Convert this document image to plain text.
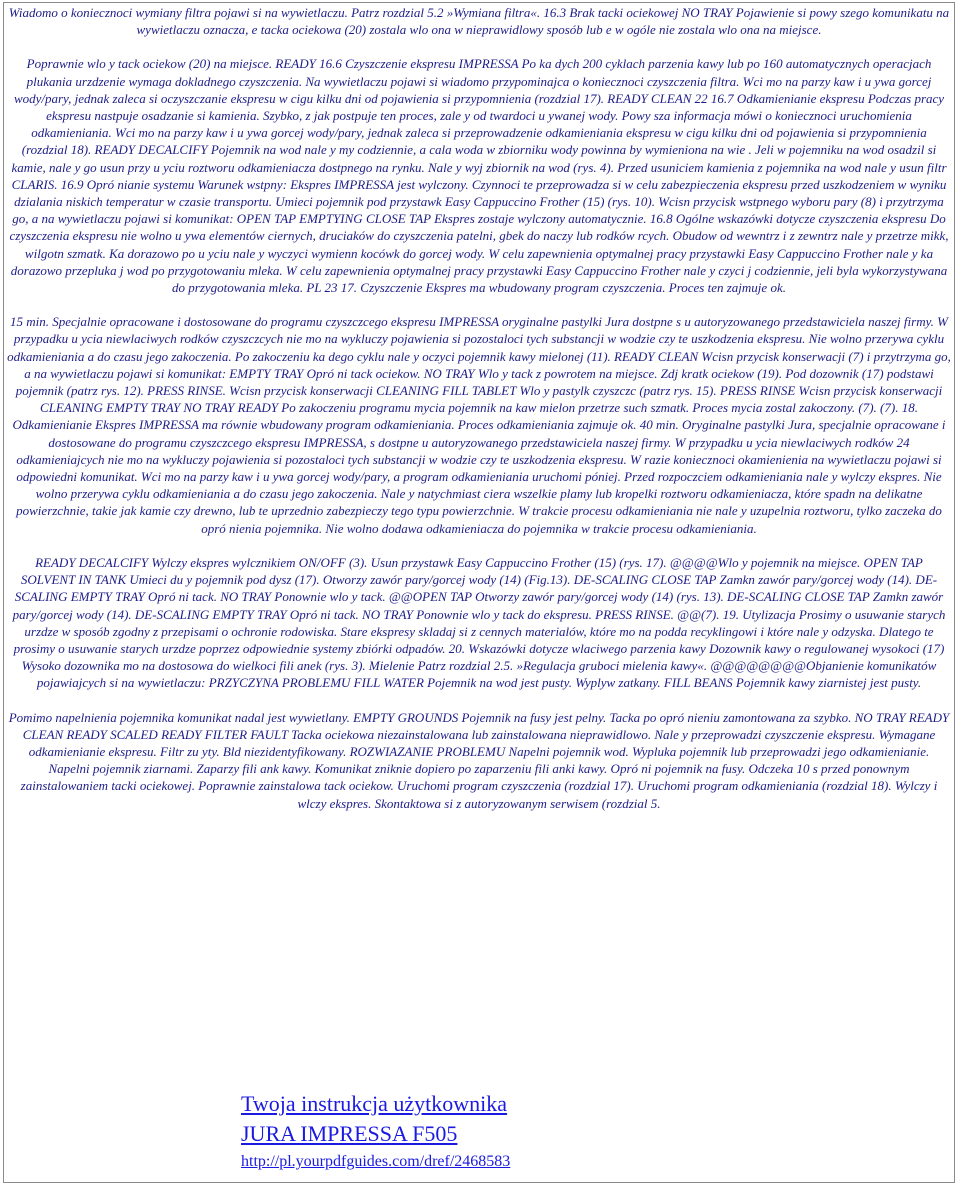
Wiadomo o koniecznoci wymiany filtra pojawi si na wywietlaczu. Patrz rozdzial 5.2 »Wymiana filtra«. 16.3 Brak tacki ociekowej NO TRAY Pojawienie si powy szego komunikatu na wywietlaczu oznacza, e tacka ociekowa (20) zostala wlo ona w nieprawidlowy sposób lub e w ogóle nie zostala wlo ona na miejsce.

Poprawnie wlo y tack ociekow (20) na miejsce. READY 16.6 Czyszczenie ekspresu IMPRESSA Po ka dych 200 cyklach parzenia kawy lub po 160 automatycznych operacjach plukania urzdzenie wymaga dokladnego czyszczenia. Na wywietlaczu pojawi si wiadomo przypominajca o koniecznoci czyszczenia filtra. Wci mo na parzy kaw i u ywa gorcej wody/pary, jednak zaleca si oczyszczanie ekspresu w cigu kilku dni od pojawienia si przypomnienia (rozdzial 17). READY CLEAN 22 16.7 Odkamienianie ekspresu Podczas pracy ekspresu nastpuje osadzanie si kamienia. Szybko, z jak postpuje ten proces, zale y od twardoci u ywanej wody. Powy sza informacja mówi o koniecznoci uruchomienia odkamieniania. Wci mo na parzy kaw i u ywa gorcej wody/pary, jednak zaleca si przeprowadzenie odkamieniania ekspresu w cigu kilku dni od pojawienia si przypomnienia (rozdzial 18). READY DECALCIFY Pojemnik na wod nale y my codziennie, a cala woda w zbiorniku wody powinna by wymieniona na wie . Jeli w pojemniku na wod osadzil si kamie, nale y go usun przy u yciu roztworu odkamieniacza dostpnego na rynku. Nale y wyj zbiornik na wod (rys. 4). Przed usuniciem kamienia z pojemnika na wod nale y usun filtr CLARIS. 16.9 Opró nianie systemu Warunek wstpny: Ekspres IMPRESSA jest wylczony. Czynnoci te przeprowadza si w celu zabezpieczenia ekspresu przed uszkodzeniem w wyniku dzialania niskich temperatur w czasie transportu. Umieci pojemnik pod przystawk Easy Cappuccino Frother (15) (rys. 10). Wcisn przycisk wstpnego wyboru pary (8) i przytrzyma go, a na wywietlaczu pojawi si komunikat: OPEN TAP EMPTYING CLOSE TAP Ekspres zostaje wylczony automatycznie. 16.8 Ogólne wskazówki dotycze czyszczenia ekspresu Do czyszczenia ekspresu nie wolno u ywa elementów ciernych, druciaków do czyszczenia patelni, gbek do naczy lub rodków rcych. Obudow od wewntrz i z zewntrz nale y przetrze mikk, wilgotn szmatk. Ka dorazowo po u yciu nale y wyczyci wymienn kocówk do gorcej wody. W celu zapewnienia optymalnej pracy przystawki Easy Cappuccino Frother nale y ka dorazowo przepluka j wod po przygotowaniu mleka. W celu zapewnienia optymalnej pracy przystawki Easy Cappuccino Frother nale y czyci j codziennie, jeli byla wykorzystywana do przygotowania mleka. PL 23 17. Czyszczenie Ekspres ma wbudowany program czyszczenia. Proces ten zajmuje ok.

15 min. Specjalnie opracowane i dostosowane do programu czyszczcego ekspresu IMPRESSA oryginalne pastylki Jura dostpne s u autoryzowanego przedstawiciela naszej firmy. W przypadku u ycia niewlaciwych rodków czyszczcych nie mo na wykluczy pojawienia si pozostaloci tych substancji w wodzie czy te uszkodzenia ekspresu. Nie wolno przerywa cyklu odkamieniania a do czasu jego zakoczenia. Po zakoczeniu ka dego cyklu nale y oczyci pojemnik kawy mielonej (11). READY CLEAN Wcisn przycisk konserwacji (7) i przytrzyma go, a na wywietlaczu pojawi si komunikat: EMPTY TRAY Opró ni tack ociekow. NO TRAY Wlo y tack z powrotem na miejsce. Zdj kratk ociekow (19). Pod dozownik (17) podstawi pojemnik (patrz rys. 12). PRESS RINSE. Wcisn przycisk konserwacji CLEANING FILL TABLET Wlo y pastylk czyszczc (patrz rys. 15). PRESS RINSE Wcisn przycisk konserwacji CLEANING EMPTY TRAY NO TRAY READY Po zakoczeniu programu mycia pojemnik na kaw mielon przetrze such szmatk. Proces mycia zostal zakoczony. (7). (7). 18. Odkamienianie Ekspres IMPRESSA ma równie wbudowany program odkamieniania. Proces odkamieniania zajmuje ok. 40 min. Oryginalne pastylki Jura, specjalnie opracowane i dostosowane do programu czyszczcego ekspresu IMPRESSA, s dostpne u autoryzowanego przedstawiciela naszej firmy. W przypadku u ycia niewlaciwych rodków 24 odkamieniajcych nie mo na wykluczy pojawienia si pozostaloci tych substancji w wodzie czy te uszkodzenia ekspresu. W razie koniecznoci okamienienia na wywietlaczu pojawi si odpowiedni komunikat. Wci mo na parzy kaw i u ywa gorcej wody/pary, a program odkamieniania uruchomi póniej. Przed rozpoczciem odkamieniania nale y wylczy ekspres. Nie wolno przerywa cyklu odkamieniania a do czasu jego zakoczenia. Nale y natychmiast ciera wszelkie plamy lub kropelki roztworu odkamieniacza, które spadn na delikatne powierzchnie, takie jak kamie czy drewno, lub te uprzednio zabezpieczy tego typu powierzchnie. W trakcie procesu odkamieniania nie nale y uzupelnia roztworu, tylko zaczeka do opró nienia pojemnika. Nie wolno dodawa odkamieniacza do pojemnika w trakcie procesu odkamieniania.

READY DECALCIFY Wylczy ekspres wylcznikiem ON/OFF (3). Usun przystawk Easy Cappuccino Frother (15) (rys. 17). @@@@Wlo y pojemnik na miejsce. OPEN TAP SOLVENT IN TANK Umieci du y pojemnik pod dysz (17). Otworzy zawór pary/gorcej wody (14) (Fig.13). DE-SCALING CLOSE TAP Zamkn zawór pary/gorcej wody (14). DE-SCALING EMPTY TRAY Opró ni tack. NO TRAY Ponownie wlo y tack. @@OPEN TAP Otworzy zawór pary/gorcej wody (14) (rys. 13). DE-SCALING CLOSE TAP Zamkn zawór pary/gorcej wody (14). DE-SCALING EMPTY TRAY Opró ni tack. NO TRAY Ponownie wlo y tack do ekspresu. PRESS RINSE. @@(7). 19. Utylizacja Prosimy o usuwanie starych urzdze w sposób zgodny z przepisami o ochronie rodowiska. Stare ekspresy skladaj si z cennych materialów, które mo na podda recyklingowi i które nale y odzyska. Dlatego te prosimy o usuwanie starych urzdze poprzez odpowiednie systemy zbiórki odpadów. 20. Wskazówki dotycze wlaciwego parzenia kawy Dozownik kawy o regulowanej wysokoci (17) Wysoko dozownika mo na dostosowa do wielkoci fili anek (rys. 3). Mielenie Patrz rozdzial 2.5. »Regulacja gruboci mielenia kawy«. @@@@@@@@Objanienie komunikatów pojawiajcych si na wywietlaczu: PRZYCZYNA PROBLEMU FILL WATER Pojemnik na wod jest pusty. Wyplyw zatkany. FILL BEANS Pojemnik kawy ziarnistej jest pusty.

Pomimo napelnienia pojemnika komunikat nadal jest wywietlany. EMPTY GROUNDS Pojemnik na fusy jest pelny. Tacka po opró nieniu zamontowana za szybko. NO TRAY READY CLEAN READY SCALED READY FILTER FAULT Tacka ociekowa niezainstalowana lub zainstalowana nieprawidlowo. Nale y przeprowadzi czyszczenie ekspresu. Wymagane odkamienianie ekspresu. Filtr zu yty. Bld niezidentyfikowany. ROZWIAZANIE PROBLEMU Napelni pojemnik wod. Wypluka pojemnik lub przeprowadzi jego odkamienianie. Napelni pojemnik ziarnami. Zaparzy fili ank kawy. Komunikat zniknie dopiero po zaparzeniu fili anki kawy. Opró ni pojemnik na fusy. Odczeka 10 s przed ponownym zainstalowaniem tacki ociekowej. Poprawnie zainstalowa tack ociekow. Uruchomi program czyszczenia (rozdzial 17). Uruchomi program odkamieniania (rozdzial 18). Wylczy i wlczy ekspres. Skontaktowa si z autoryzowanym serwisem (rozdzial 5.

Twoja instrukcja użytkownika
JURA IMPRESSA F505
http://pl.yourpdfguides.com/dref/2468583
